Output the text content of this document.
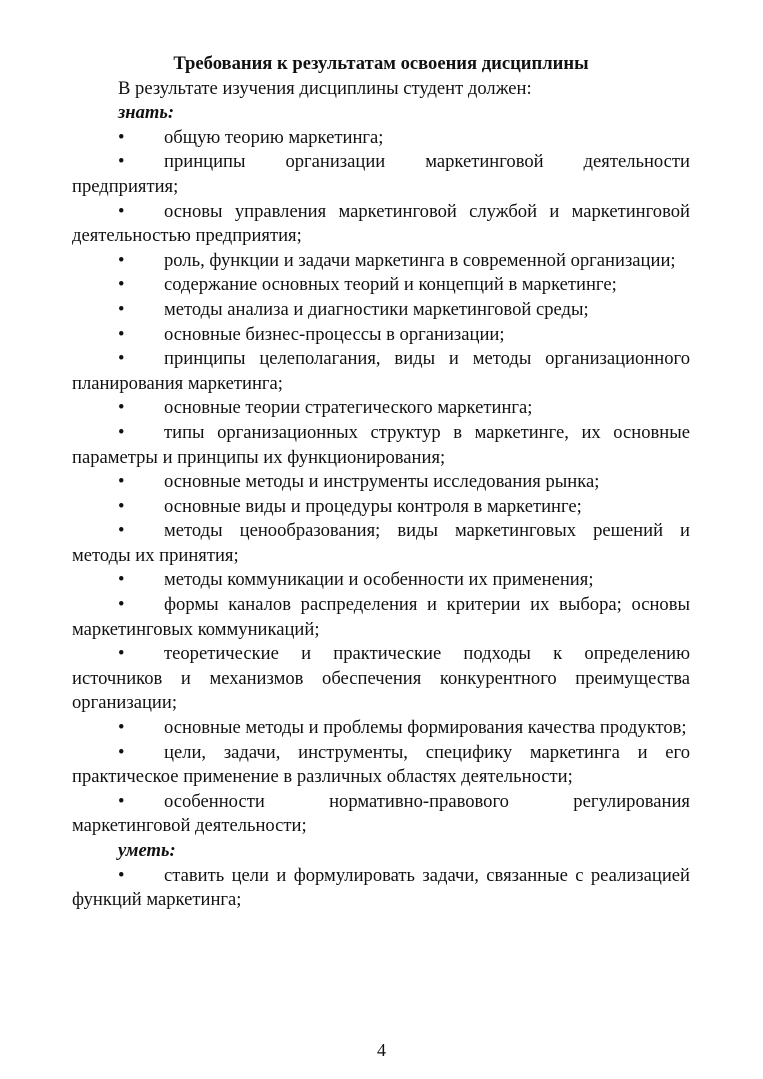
Требования к результатам освоения дисциплины

В результате изучения дисциплины студент должен:

знать:

• общую теорию маркетинга;

• принципы организации маркетинговой деятельности предприятия;

• основы управления маркетинговой службой и маркетинговой деятельностью предприятия;

• роль, функции и задачи маркетинга в современной организации;

• содержание основных теорий и концепций в маркетинге;

• методы анализа и диагностики маркетинговой среды;

• основные бизнес-процессы в организации;

• принципы целеполагания, виды и методы организационного планирования маркетинга;

• основные теории стратегического маркетинга;

• типы организационных структур в маркетинге, их основные параметры и принципы их функционирования;

• основные методы и инструменты исследования рынка;

• основные виды и процедуры контроля в маркетинге;

• методы ценообразования; виды маркетинговых решений и методы их принятия;

• методы коммуникации и особенности их применения;

• формы каналов распределения и критерии их выбора; основы маркетинговых коммуникаций;

• теоретические и практические подходы к определению источников и механизмов обеспечения конкурентного преимущества организации;

• основные методы и проблемы формирования качества продуктов;

• цели, задачи, инструменты, специфику маркетинга и его практическое применение в различных областях деятельности;

• особенности нормативно-правового регулирования маркетинговой деятельности;

уметь:

• ставить цели и формулировать задачи, связанные с реализацией функций маркетинга;

4
